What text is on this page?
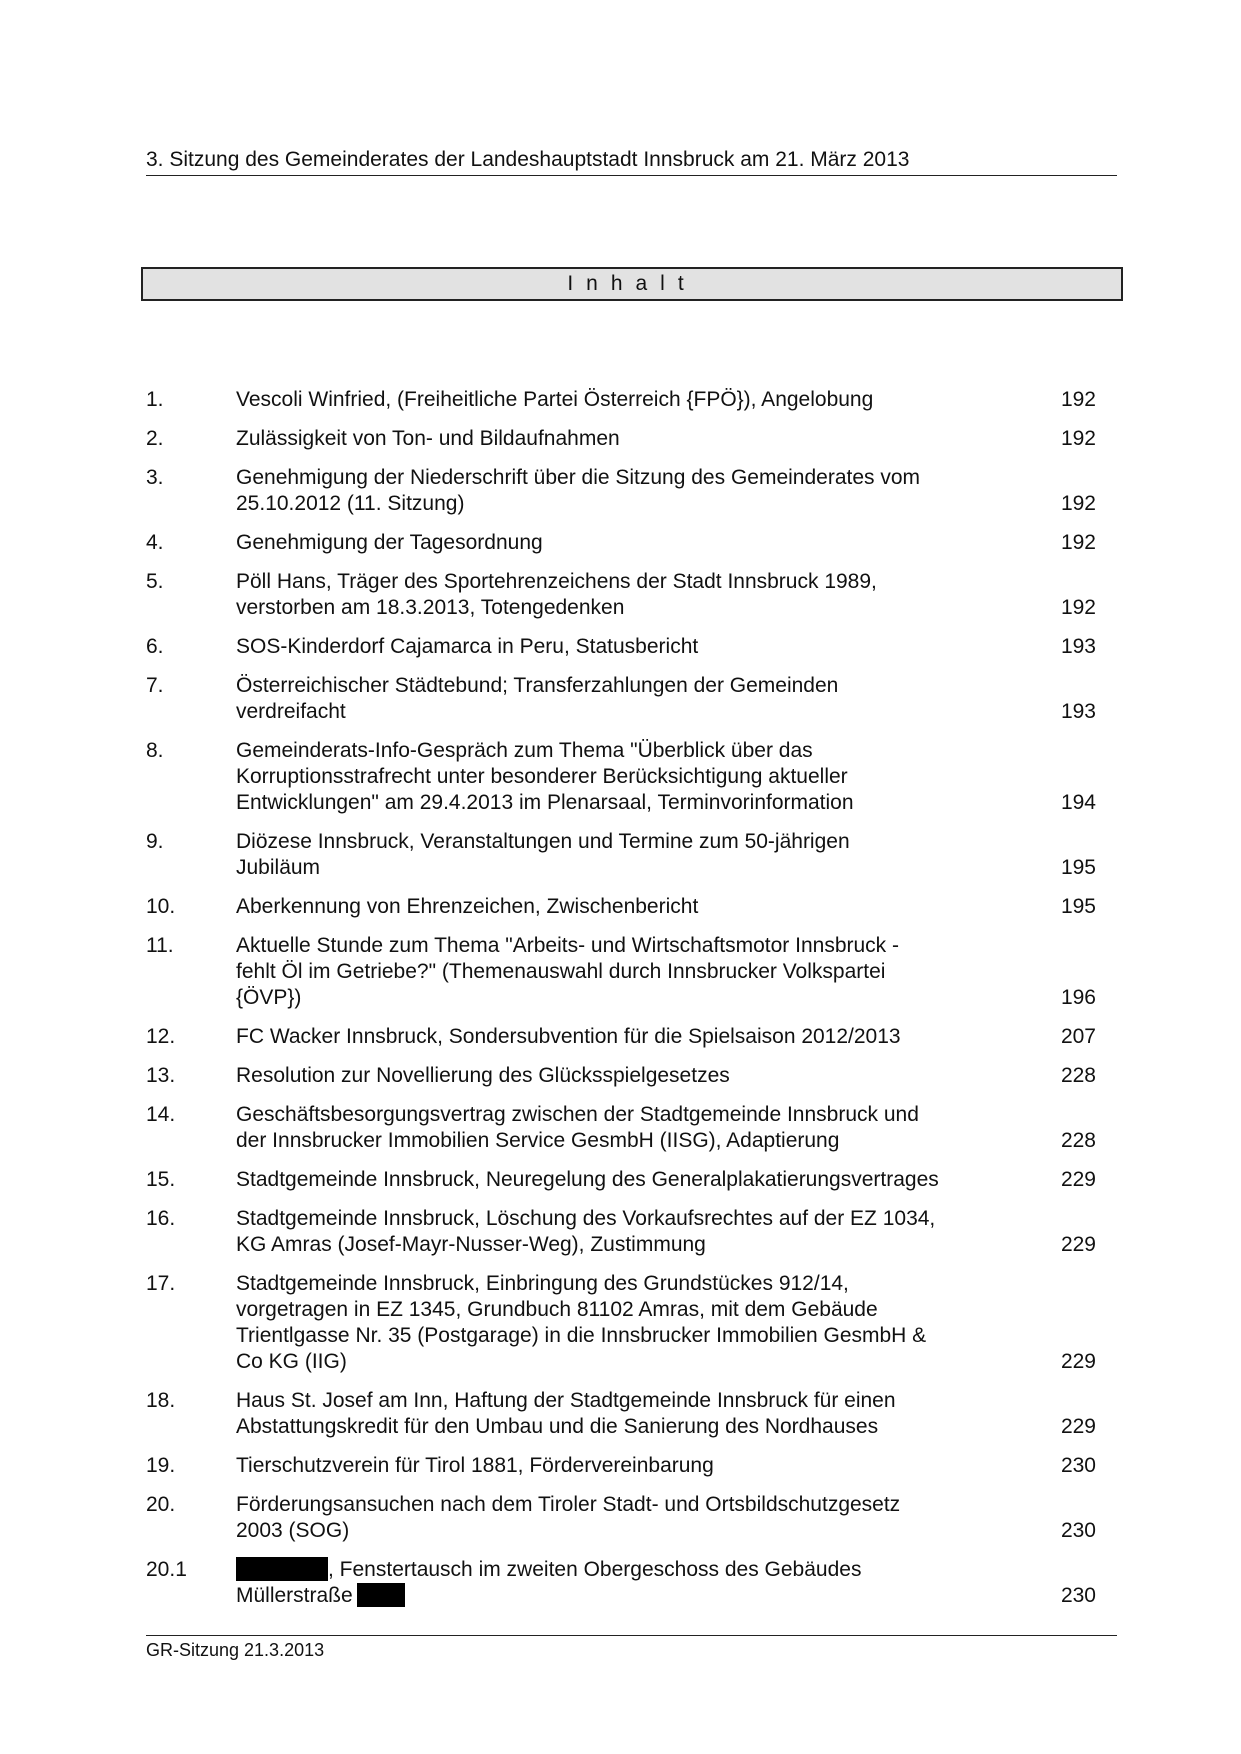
3. Sitzung des Gemeinderates der Landeshauptstadt Innsbruck am 21. März 2013
Inhalt
1.	Vescoli Winfried, (Freiheitliche Partei Österreich {FPÖ}), Angelobung	192
2.	Zulässigkeit von Ton- und Bildaufnahmen	192
3.	Genehmigung der Niederschrift über die Sitzung des Gemeinderates vom
25.10.2012 (11. Sitzung)	192
4.	Genehmigung der Tagesordnung	192
5.	Pöll Hans, Träger des Sportehrenzeichens der Stadt Innsbruck 1989,
verstorben am 18.3.2013, Totengedenken	192
6.	SOS-Kinderdorf Cajamarca in Peru, Statusbericht	193
7.	Österreichischer Städtebund; Transferzahlungen der Gemeinden
verdreifacht	193
8.	Gemeinderats-Info-Gespräch zum Thema "Überblick über das
Korruptionsstrafrecht unter besonderer Berücksichtigung aktueller
Entwicklungen" am 29.4.2013 im Plenarsaal, Terminvorinformation	194
9.	Diözese Innsbruck, Veranstaltungen und Termine zum 50-jährigen
Jubiläum	195
10.	Aberkennung von Ehrenzeichen, Zwischenbericht	195
11.	Aktuelle Stunde zum Thema "Arbeits- und Wirtschaftsmotor Innsbruck -
fehlt Öl im Getriebe?" (Themenauswahl durch Innsbrucker Volkspartei
{ÖVP})	196
12.	FC Wacker Innsbruck, Sondersubvention für die Spielsaison 2012/2013	207
13.	Resolution zur Novellierung des Glücksspielgesetzes	228
14.	Geschäftsbesorgungsvertrag zwischen der Stadtgemeinde Innsbruck und
der Innsbrucker Immobilien Service GesmbH (IISG), Adaptierung	228
15.	Stadtgemeinde Innsbruck, Neuregelung des Generalplakatierungsvertrages	229
16.	Stadtgemeinde Innsbruck, Löschung des Vorkaufsrechtes auf der EZ 1034,
KG Amras (Josef-Mayr-Nusser-Weg), Zustimmung	229
17.	Stadtgemeinde Innsbruck, Einbringung des Grundstückes 912/14,
vorgetragen in EZ 1345, Grundbuch 81102 Amras, mit dem Gebäude
Trientlgasse Nr. 35 (Postgarage) in die Innsbrucker Immobilien GesmbH &
Co KG (IIG)	229
18.	Haus St. Josef am Inn, Haftung der Stadtgemeinde Innsbruck für einen
Abstattungskredit für den Umbau und die Sanierung des Nordhauses	229
19.	Tierschutzverein für Tirol 1881, Fördervereinbarung	230
20.	Förderungsansuchen nach dem Tiroler Stadt- und Ortsbildschutzgesetz
2003 (SOG)	230
20.1	, Fenstertausch im zweiten Obergeschoss des Gebäudes
Müllerstraße	230
GR-Sitzung 21.3.2013
